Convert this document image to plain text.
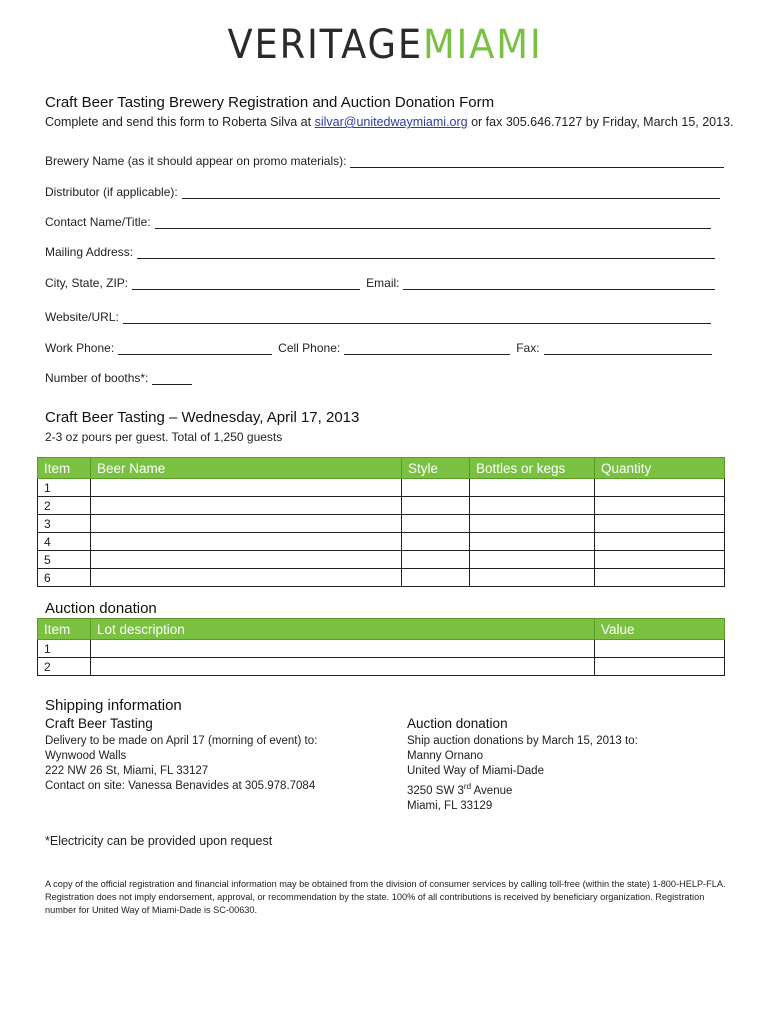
VERITAGEMIAMI
Craft Beer Tasting Brewery Registration and Auction Donation Form
Complete and send this form to Roberta Silva at silvar@unitedwaymiami.org or fax 305.646.7127 by Friday, March 15, 2013.
Brewery Name (as it should appear on promo materials):
Distributor (if applicable):
Contact Name/Title:
Mailing Address:
City, State, ZIP:	Email:
Website/URL:
Work Phone:	Cell Phone:	Fax:
Number of booths*:
Craft Beer Tasting – Wednesday, April 17, 2013
2-3 oz pours per guest. Total of 1,250 guests
Item	Beer Name	Style	Bottles or kegs	Quantity
1				
2				
3				
4				
5				
6				
Auction donation
Item	Lot description	Value
1		
2		
Shipping information
Craft Beer Tasting
Delivery to be made on April 17 (morning of event) to:
Wynwood Walls
222 NW 26 St, Miami, FL 33127
Contact on site: Vanessa Benavides at 305.978.7084
Auction donation
Ship auction donations by March 15, 2013 to:
Manny Ornano
United Way of Miami-Dade
3250 SW 3rd Avenue
Miami, FL 33129
*Electricity can be provided upon request
A copy of the official registration and financial information may be obtained from the division of consumer services by calling toll-free (within the state) 1-800-HELP-FLA. Registration does not imply endorsement, approval, or recommendation by the state. 100% of all contributions is received by beneficiary organization. Registration number for United Way of Miami-Dade is SC-00630.
